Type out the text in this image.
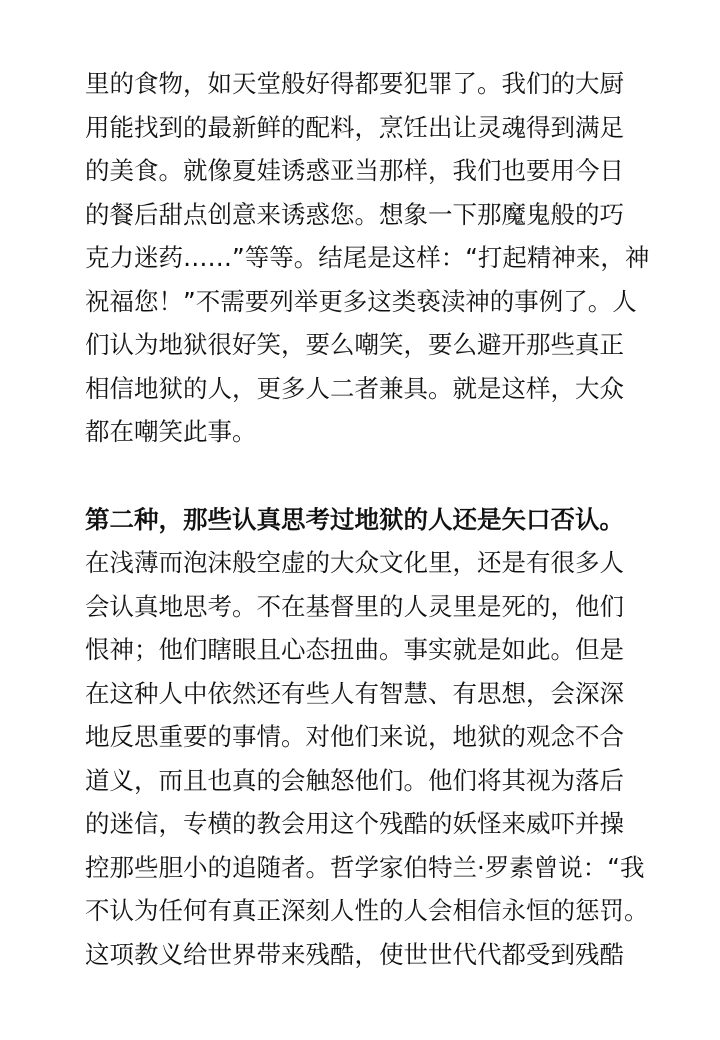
里的食物，如天堂般好得都要犯罪了。我们的大厨
用能找到的最新鲜的配料，烹饪出让灵魂得到满足
的美食。就像夏娃诱惑亚当那样，我们也要用今日
的餐后甜点创意来诱惑您。想象一下那魔鬼般的巧
克力迷药……”等等。结尾是这样：“打起精神来，神
祝福您！”不需要列举更多这类亵渎神的事例了。人
们认为地狱很好笑，要么嘲笑，要么避开那些真正
相信地狱的人，更多人二者兼具。就是这样，大众
都在嘲笑此事。
第二种，那些认真思考过地狱的人还是矢口否认。
在浅薄而泡沫般空虚的大众文化里，还是有很多人
会认真地思考。不在基督里的人灵里是死的，他们
恨神；他们瞎眼且心态扭曲。事实就是如此。但是
在这种人中依然还有些人有智慧、有思想，会深深
地反思重要的事情。对他们来说，地狱的观念不合
道义，而且也真的会触怒他们。他们将其视为落后
的迷信，专横的教会用这个残酷的妖怪来威吓并操
控那些胆小的追随者。哲学家伯特兰·罗素曾说：“我
不认为任何有真正深刻人性的人会相信永恒的惩罚。
这项教义给世界带来残酷，使世世代代都受到残酷
